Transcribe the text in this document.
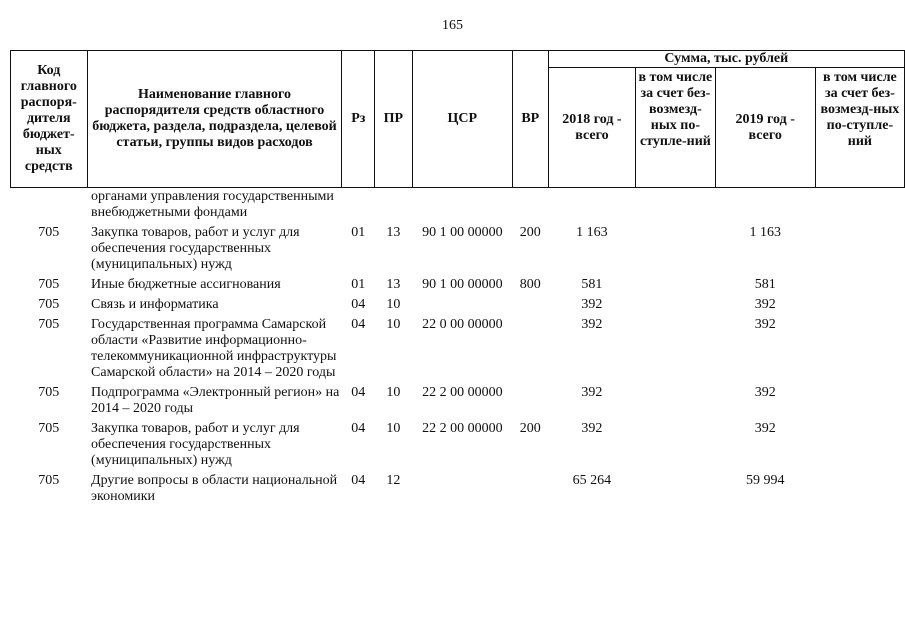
165
Код главного распоря-дителя бюджет-ных средств	Наименование главного распорядителя средств областного бюджета, раздела, подраздела, целевой статьи, группы видов расходов	Рз	ПР	ЦСР	ВР	Сумма, тыс. рублей			
						2018 год - всего	в том числе за счет без-возмезд-ных по-ступле-ний	2019 год - всего	в том числе за счет без-возмезд-ных по-ступле-ний
	органами управления государственными внебюджетными фондами								
705	Закупка товаров, работ и услуг для обеспечения государственных (муниципальных) нужд	01	13	90 1 00 00000	200	1 163		1 163	
705	Иные бюджетные ассигнования	01	13	90 1 00 00000	800	581		581	
705	Связь и информатика	04	10			392		392	
705	Государственная программа Самарской области «Развитие информационно-телекоммуникационной инфраструктуры Самарской области» на 2014 – 2020 годы	04	10	22 0 00 00000		392		392	
705	Подпрограмма «Электронный регион» на 2014 – 2020 годы	04	10	22 2 00 00000		392		392	
705	Закупка товаров, работ и услуг для обеспечения государственных (муниципальных) нужд	04	10	22 2 00 00000	200	392		392	
705	Другие вопросы в области национальной экономики	04	12			65 264		59 994	
